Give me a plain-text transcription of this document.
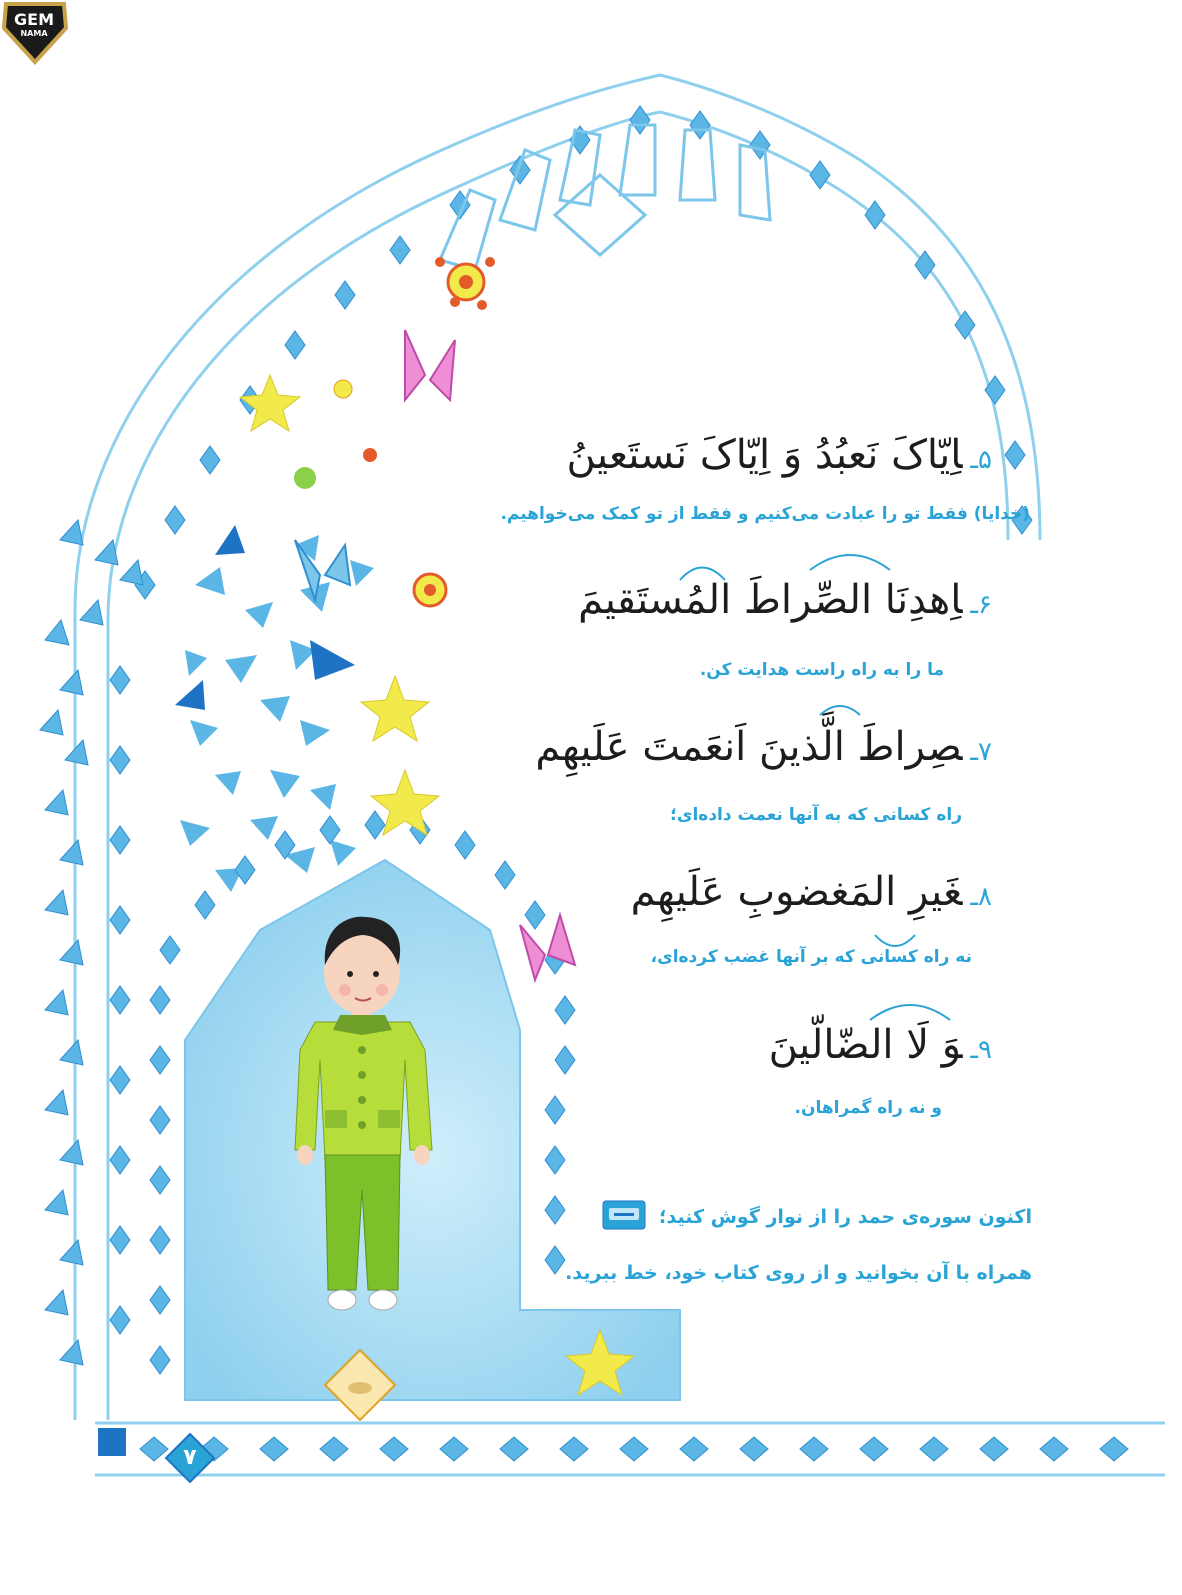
GEM
NAMA
۵ـاِیّاکَ نَعبُدُ وَ اِیّاکَ نَستَعینُ
(خدایا) فقط تو را عبادت می‌کنیم و فقط از تو کمک می‌خواهیم.
۶ـاِهدِنَا الصِّراطَ المُستَقیمَ
ما را به راه راست هدایت کن.
۷ـصِراطَ الَّذینَ اَنعَمتَ عَلَیهِم
راه کسانی که به آنها نعمت داده‌ای؛
۸ـغَیرِ المَغضوبِ عَلَیهِم
نه راه کسانی که بر آنها غضب کرده‌ای،
۹ـوَ لَا الضّالّینَ
و نه راه گمراهان.
اکنون سوره‌ی حمد را از نوار گوش کنید؛
همراه با آن بخوانید و از روی کتاب خود، خط ببرید.
۷
